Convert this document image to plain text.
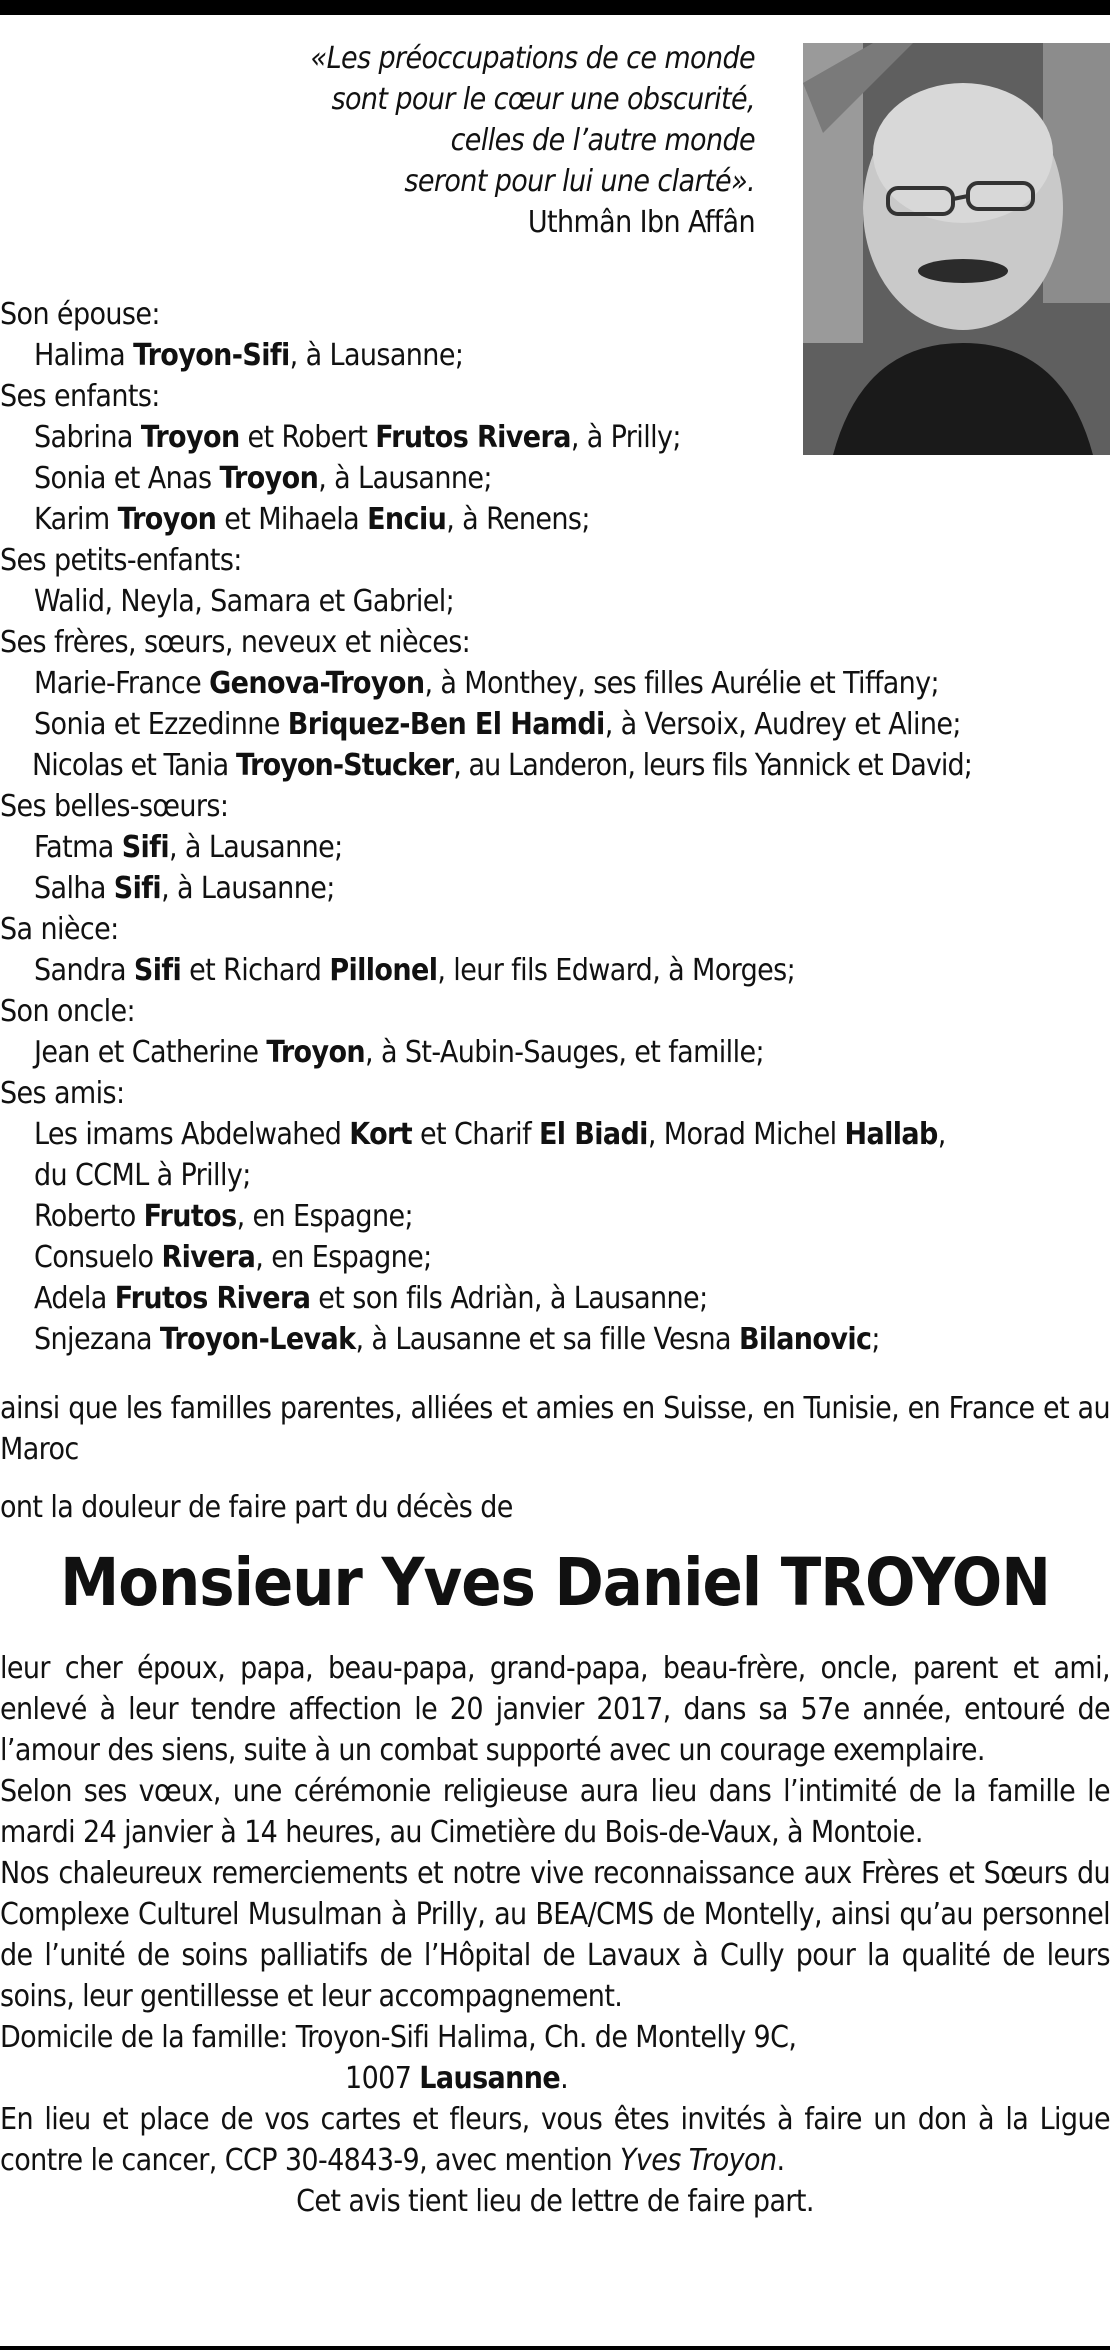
«Les préoccupations de ce monde
sont pour le cœur une obscurité,
celles de l’autre monde
seront pour lui une clarté».
Uthmân Ibn Affân
Son épouse:
Halima Troyon-Sifi, à Lausanne;
Ses enfants:
Sabrina Troyon et Robert Frutos Rivera, à Prilly;
Sonia et Anas Troyon, à Lausanne;
Karim Troyon et Mihaela Enciu, à Renens;
Ses petits-enfants:
Walid, Neyla, Samara et Gabriel;
Ses frères, sœurs, neveux et nièces:
Marie-France Genova-Troyon, à Monthey, ses filles Aurélie et Tiffany;
Sonia et Ezzedinne Briquez-Ben El Hamdi, à Versoix, Audrey et Aline;
Nicolas et Tania Troyon-Stucker, au Landeron, leurs fils Yannick et David;
Ses belles-sœurs:
Fatma Sifi, à Lausanne;
Salha Sifi, à Lausanne;
Sa nièce:
Sandra Sifi et Richard Pillonel, leur fils Edward, à Morges;
Son oncle:
Jean et Catherine Troyon, à St-Aubin-Sauges, et famille;
Ses amis:
Les imams Abdelwahed Kort et Charif El Biadi, Morad Michel Hallab,
du CCML à Prilly;
Roberto Frutos, en Espagne;
Consuelo Rivera, en Espagne;
Adela Frutos Rivera et son fils Adriàn, à Lausanne;
Snjezana Troyon-Levak, à Lausanne et sa fille Vesna Bilanovic;
ainsi que les familles parentes, alliées et amies en Suisse, en Tunisie, en France et au Maroc
ont la douleur de faire part du décès de
Monsieur Yves Daniel TROYON

leur cher époux, papa, beau-papa, grand-papa, beau-frère, oncle, parent et ami, enlevé à leur tendre affection le 20 janvier 2017, dans sa 57e année, entouré de l’amour des siens, suite à un combat supporté avec un courage exemplaire.

Selon ses vœux, une cérémonie religieuse aura lieu dans l’intimité de la famille le mardi 24 janvier à 14 heures, au Cimetière du Bois-de-Vaux, à Montoie.

Nos chaleureux remerciements et notre vive reconnaissance aux Frères et Sœurs du Complexe Culturel Musulman à Prilly, au BEA/CMS de Montelly, ainsi qu’au personnel de l’unité de soins palliatifs de l’Hôpital de Lavaux à Cully pour la qualité de leurs soins, leur gentillesse et leur accompagnement.

Domicile de la famille: Troyon-Sifi Halima, Ch. de Montelly 9C,

1007 Lausanne.

En lieu et place de vos cartes et fleurs, vous êtes invités à faire un don à la Ligue contre le cancer, CCP 30-4843-9, avec mention Yves Troyon.

Cet avis tient lieu de lettre de faire part.
